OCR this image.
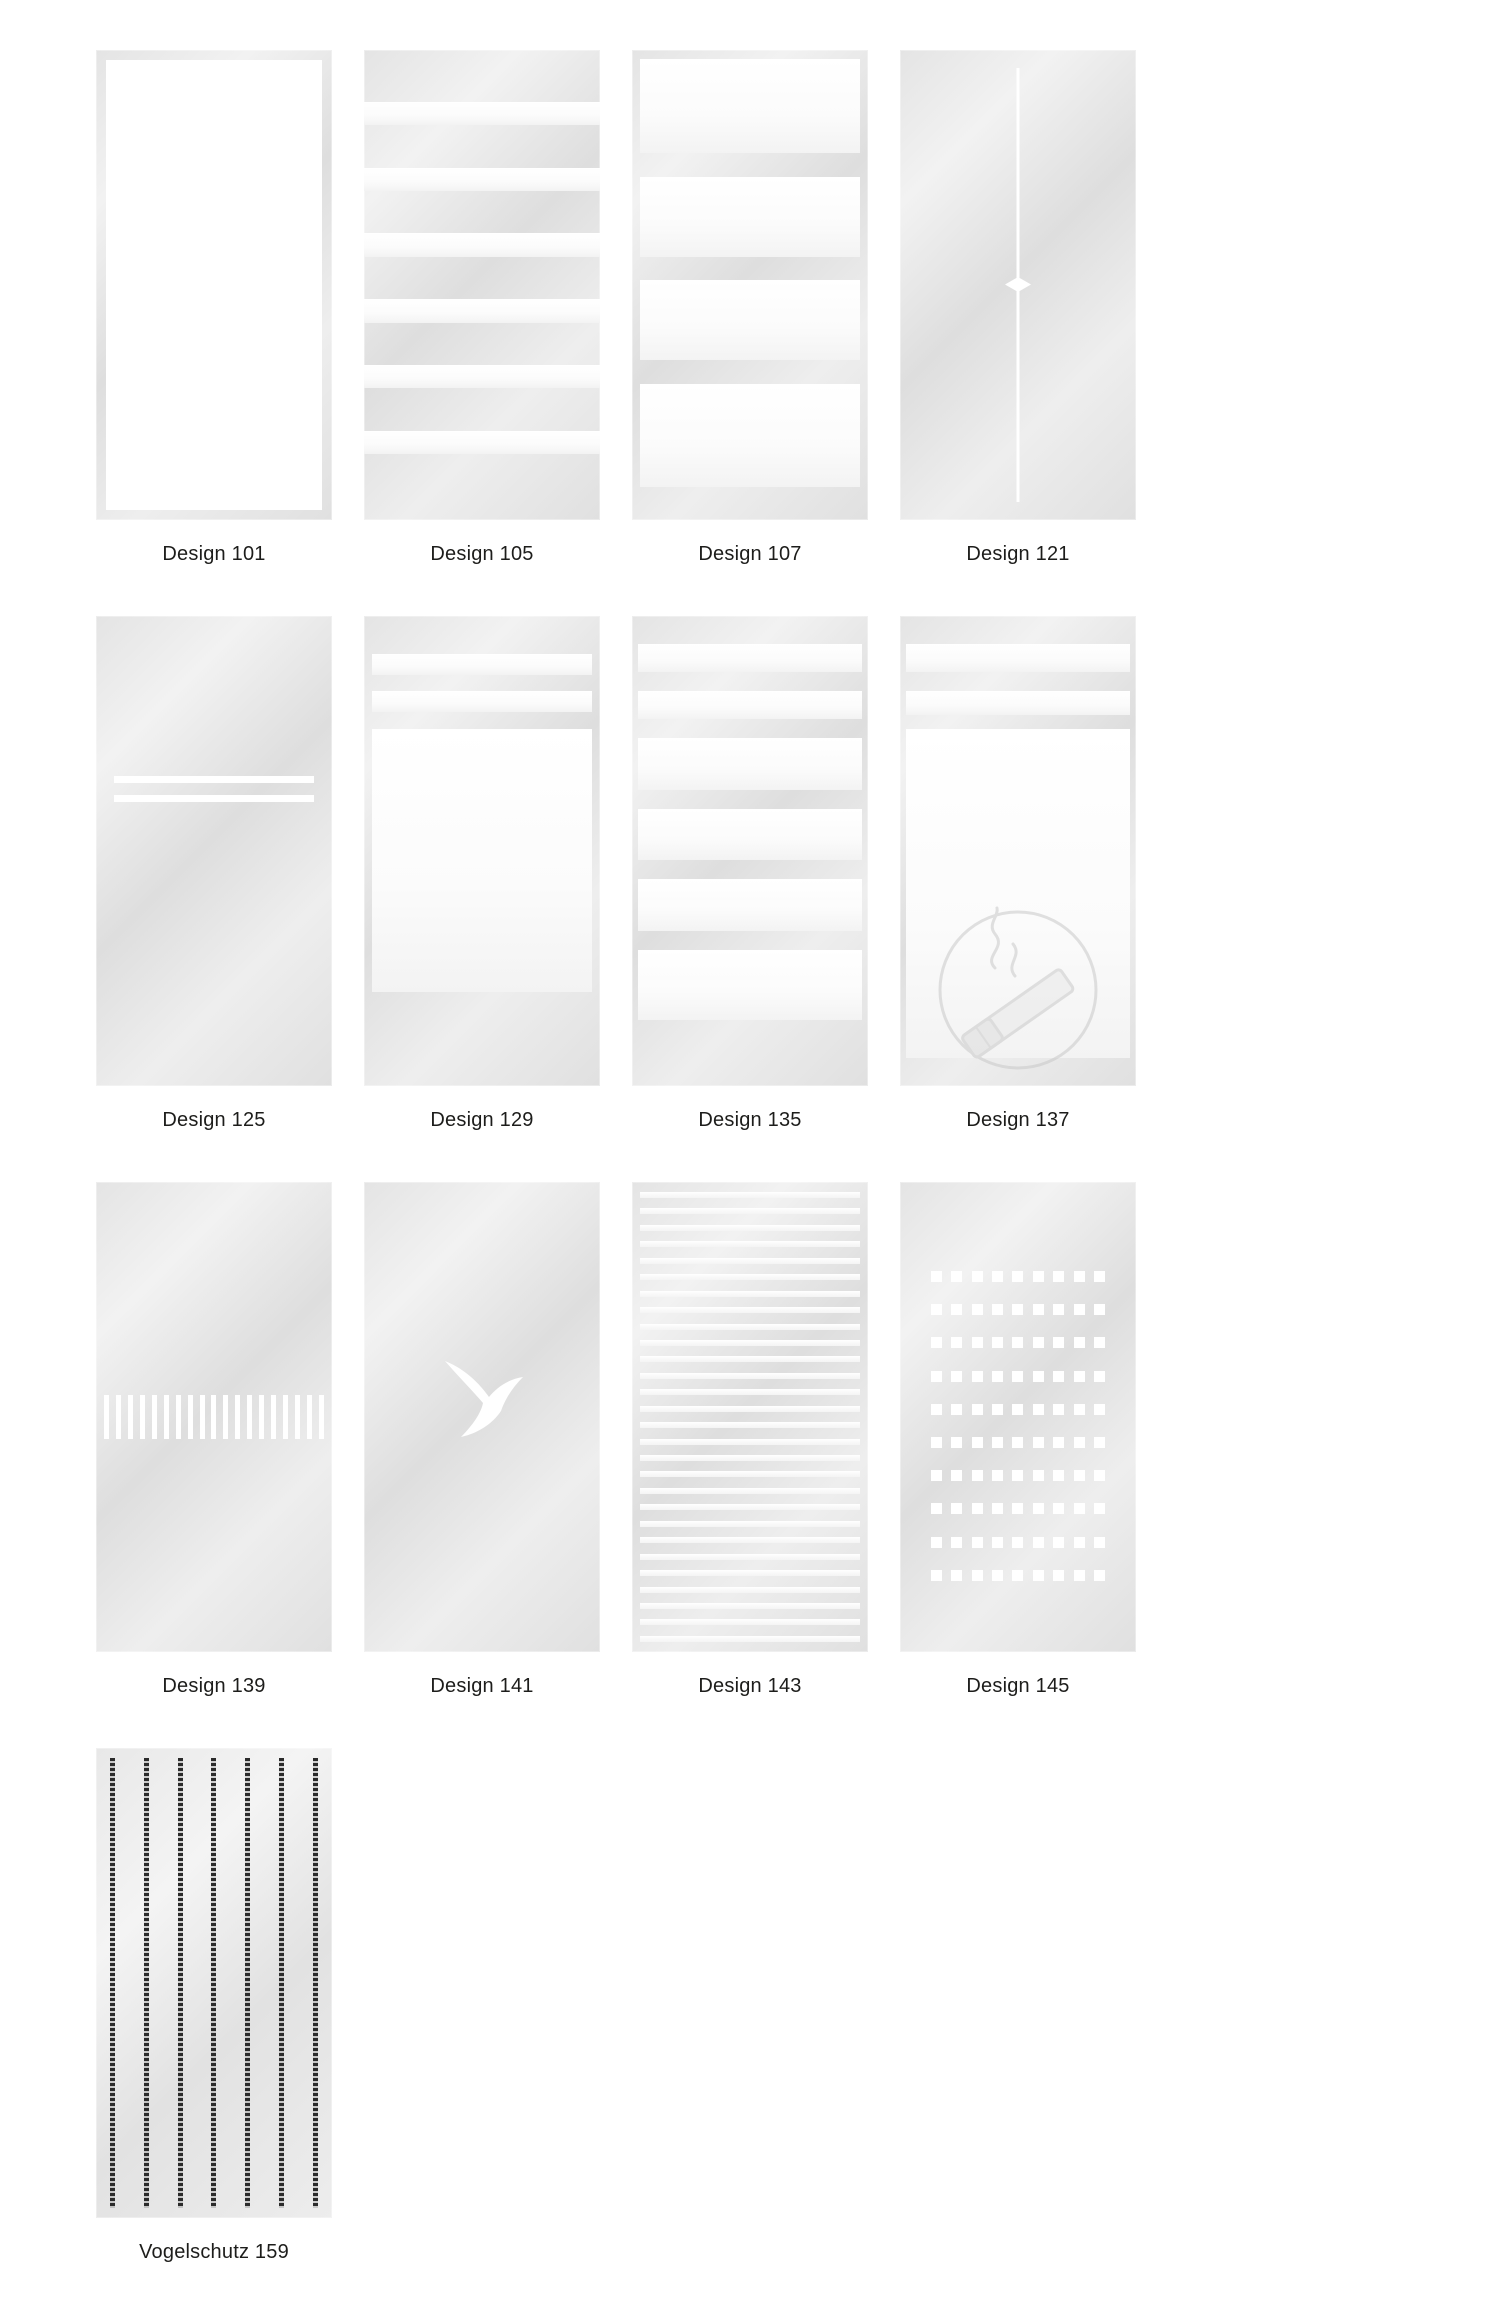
Design 101	Design 105	Design 107	Design 121
Design 125	Design 129	Design 135	Design 137
Design 139	Design 141	Design 143	Design 145
Vogelschutz 159
